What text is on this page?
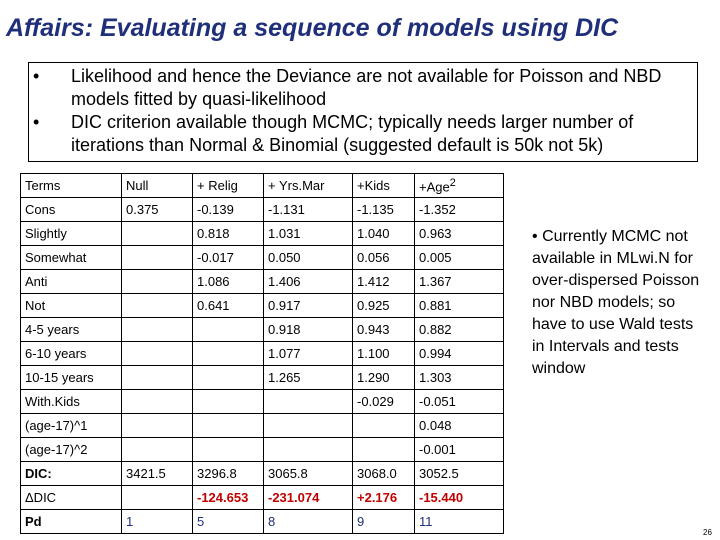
Affairs: Evaluating a sequence of models using DIC

• Likelihood and hence the Deviance are not available for Poisson and NBD models fitted by quasi-likelihood

• DIC criterion available though MCMC; typically needs larger number of iterations than Normal & Binomial (suggested default is 50k not 5k)

Terms	Null	+ Relig	+ Yrs.Mar	+Kids	+Age$^2$
Cons	0.375	-0.139	-1.131	-1.135	-1.352
Slightly		0.818	1.031	1.040	0.963
Somewhat		-0.017	0.050	0.056	0.005
Anti		1.086	1.406	1.412	1.367
Not		0.641	0.917	0.925	0.881
4-5 years			0.918	0.943	0.882
6-10 years			1.077	1.100	0.994
10-15 years			1.265	1.290	1.303
With.Kids				-0.029	-0.051
(age-17)^1					0.048
(age-17)^2					-0.001
DIC:	3421.5	3296.8	3065.8	3068.0	3052.5
ΔDIC		-124.653	-231.074	+2.176	-15.440
Pd	1	5	8	9	11

• Currently MCMC not available in MLwi.N for over-dispersed Poisson nor NBD models; so have to use Wald tests in Intervals and tests window

26
